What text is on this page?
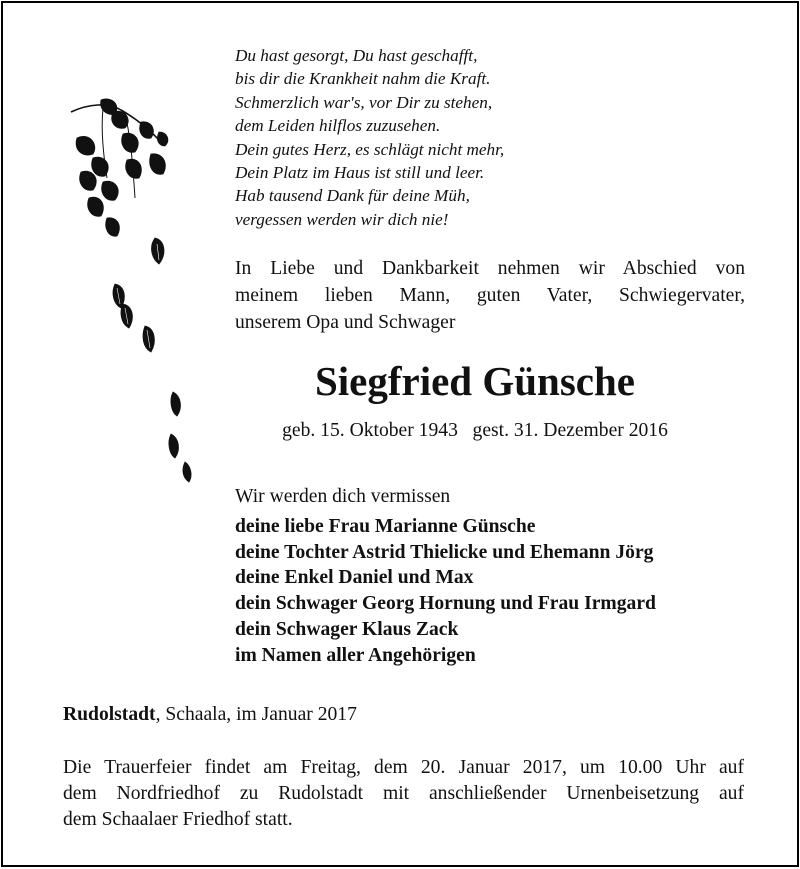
Du hast gesorgt, Du hast geschafft,
bis dir die Krankheit nahm die Kraft.
Schmerzlich war's, vor Dir zu stehen,
dem Leiden hilflos zuzusehen.
Dein gutes Herz, es schlägt nicht mehr,
Dein Platz im Haus ist still und leer.
Hab tausend Dank für deine Müh,
vergessen werden wir dich nie!
In Liebe und Dankbarkeit nehmen wir Abschied von
meinem lieben Mann, guten Vater, Schwiegervater,
unserem Opa und Schwager
Siegfried Günsche
geb. 15. Oktober 1943   gest. 31. Dezember 2016
Wir werden dich vermissen
deine liebe Frau Marianne Günsche
deine Tochter Astrid Thielicke und Ehemann Jörg
deine Enkel Daniel und Max
dein Schwager Georg Hornung und Frau Irmgard
dein Schwager Klaus Zack
im Namen aller Angehörigen
Rudolstadt, Schaala, im Januar 2017
Die Trauerfeier findet am Freitag, dem 20. Januar 2017, um 10.00 Uhr auf
dem Nordfriedhof zu Rudolstadt mit anschließender Urnenbeisetzung auf
dem Schaalaer Friedhof statt.
